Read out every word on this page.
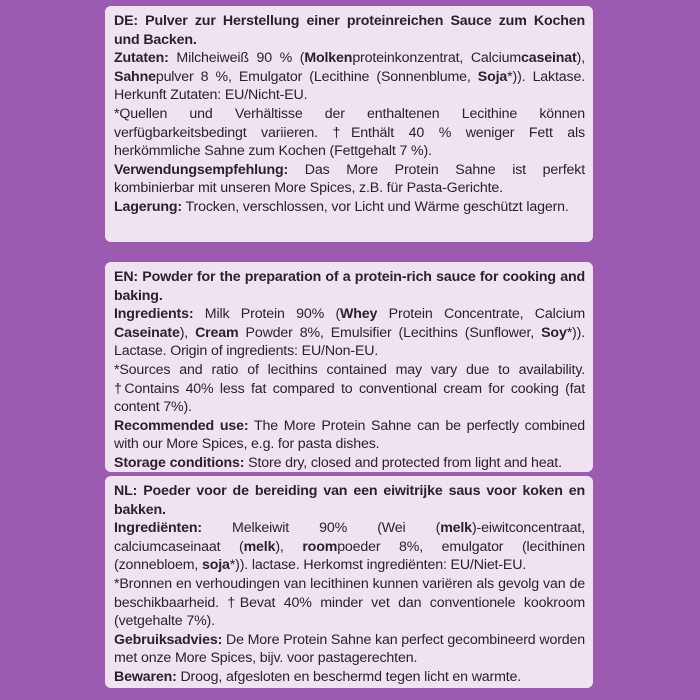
DE: Pulver zur Herstellung einer proteinreichen Sauce zum Kochen und Backen.

Zutaten: Milcheiweiß 90 % (Molkenproteinkonzentrat, Calciumcaseinat), Sahnepulver 8 %, Emulgator (Lecithine (Sonnenblume, Soja*)). Laktase. Herkunft Zutaten: EU/Nicht-EU.

*Quellen und Verhältisse der enthaltenen Lecithine können verfügbarkeitsbedingt variieren. †Enthält 40 % weniger Fett als herkömmliche Sahne zum Kochen (Fettgehalt 7 %).

Verwendungsempfehlung: Das More Protein Sahne ist perfekt kombinierbar mit unseren More Spices, z.B. für Pasta-Gerichte.

Lagerung: Trocken, verschlossen, vor Licht und Wärme geschützt lagern.

EN: Powder for the preparation of a protein-rich sauce for cooking and baking.

Ingredients: Milk Protein 90% (Whey Protein Concentrate, Calcium Caseinate), Cream Powder 8%, Emulsifier (Lecithins (Sunflower, Soy*)). Lactase. Origin of ingredients: EU/Non-EU.

*Sources and ratio of lecithins contained may vary due to availability. †Contains 40% less fat compared to conventional cream for cooking (fat content 7%).

Recommended use: The More Protein Sahne can be perfectly combined with our More Spices, e.g. for pasta dishes.

Storage conditions: Store dry, closed and protected from light and heat.

NL: Poeder voor de bereiding van een eiwitrijke saus voor koken en bakken.

Ingrediënten: Melkeiwit 90% (Wei (melk)-eiwitconcentraat, calciumcaseinaat (melk), roompoeder 8%, emulgator (lecithinen (zonnebloem, soja*)). lactase. Herkomst ingrediënten: EU/Niet-EU.

*Bronnen en verhoudingen van lecithinen kunnen variëren als gevolg van de beschikbaarheid. †Bevat 40% minder vet dan conventionele kookroom (vetgehalte 7%).

Gebruiksadvies: De More Protein Sahne kan perfect gecombineerd worden met onze More Spices, bijv. voor pastagerechten.

Bewaren: Droog, afgesloten en beschermd tegen licht en warmte.
